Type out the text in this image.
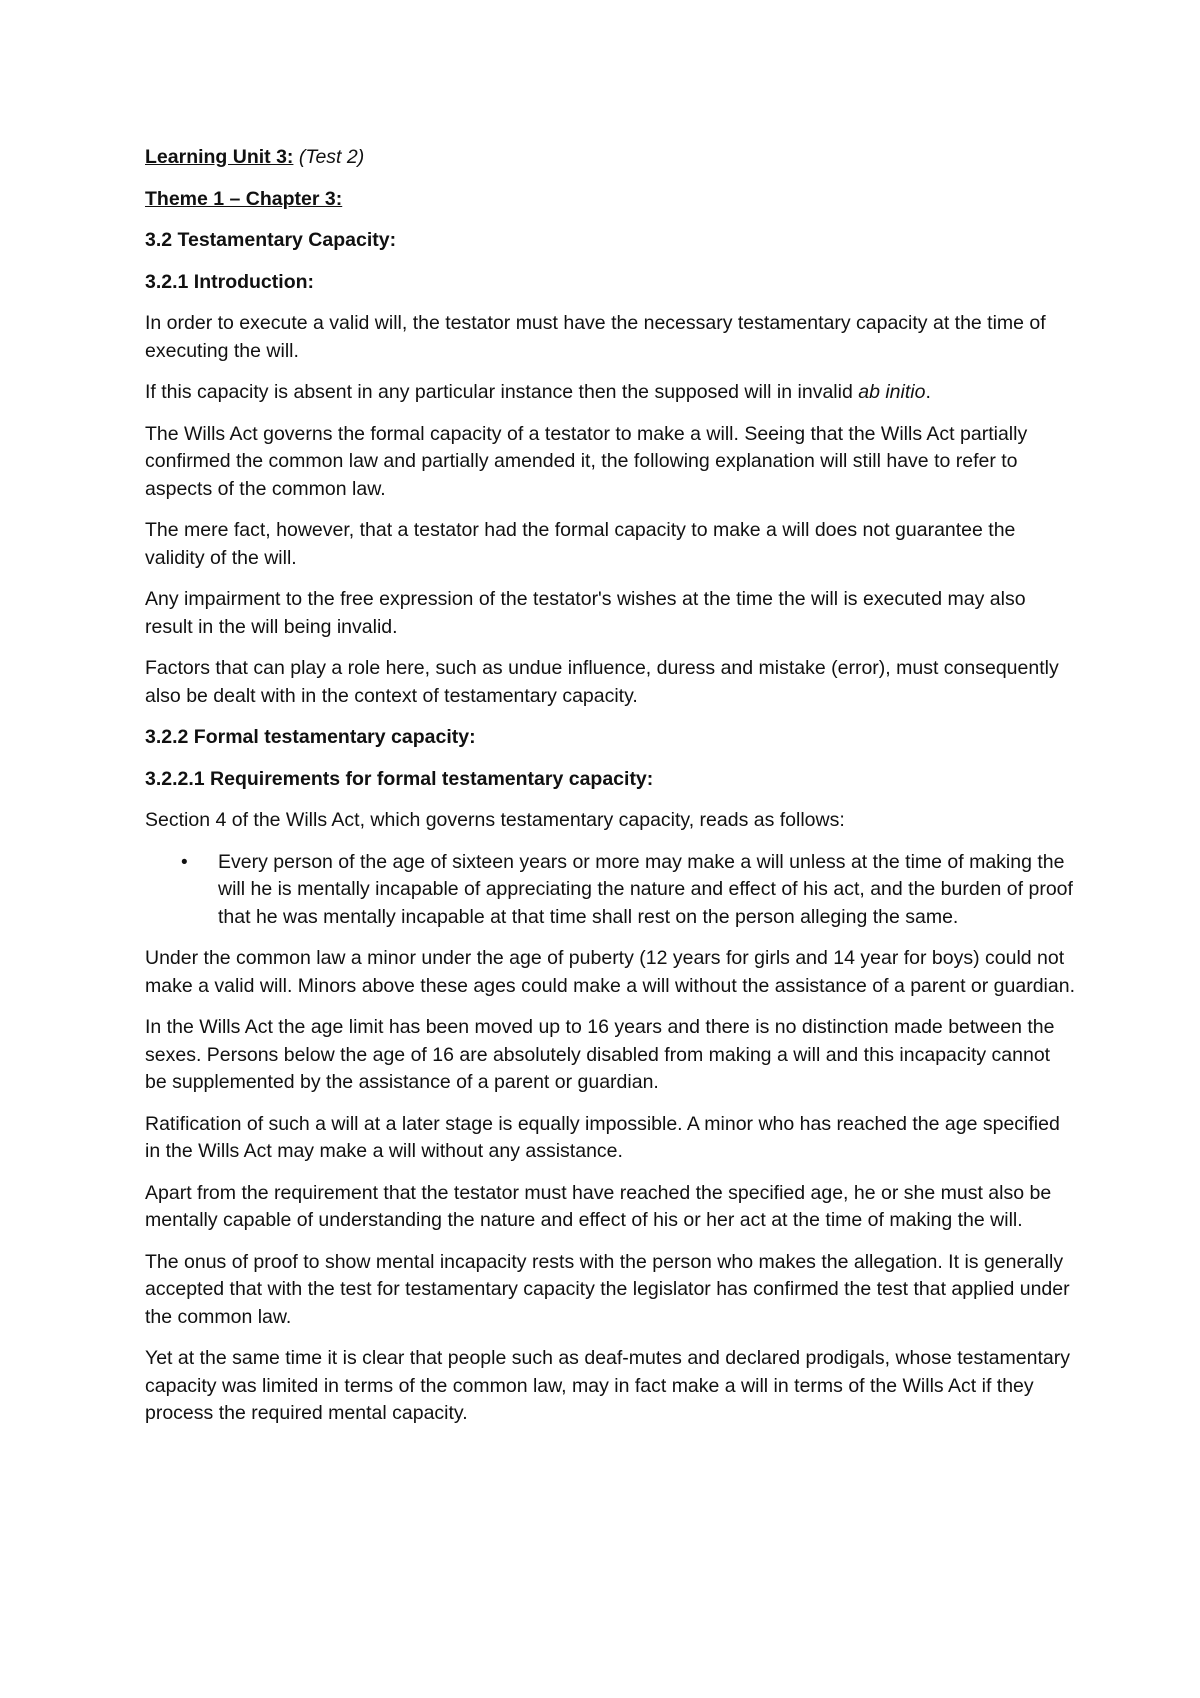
Learning Unit 3: (Test 2)

Theme 1 – Chapter 3:

3.2 Testamentary Capacity:

3.2.1 Introduction:

In order to execute a valid will, the testator must have the necessary testamentary capacity at the time of executing the will.

If this capacity is absent in any particular instance then the supposed will in invalid ab initio.

The Wills Act governs the formal capacity of a testator to make a will. Seeing that the Wills Act partially confirmed the common law and partially amended it, the following explanation will still have to refer to aspects of the common law.

The mere fact, however, that a testator had the formal capacity to make a will does not guarantee the validity of the will.

Any impairment to the free expression of the testator's wishes at the time the will is executed may also result in the will being invalid.

Factors that can play a role here, such as undue influence, duress and mistake (error), must consequently also be dealt with in the context of testamentary capacity.

3.2.2 Formal testamentary capacity:

3.2.2.1 Requirements for formal testamentary capacity:

Section 4 of the Wills Act, which governs testamentary capacity, reads as follows:

• Every person of the age of sixteen years or more may make a will unless at the time of making the will he is mentally incapable of appreciating the nature and effect of his act, and the burden of proof that he was mentally incapable at that time shall rest on the person alleging the same.

Under the common law a minor under the age of puberty (12 years for girls and 14 year for boys) could not make a valid will. Minors above these ages could make a will without the assistance of a parent or guardian.

In the Wills Act the age limit has been moved up to 16 years and there is no distinction made between the sexes. Persons below the age of 16 are absolutely disabled from making a will and this incapacity cannot be supplemented by the assistance of a parent or guardian.

Ratification of such a will at a later stage is equally impossible. A minor who has reached the age specified in the Wills Act may make a will without any assistance.

Apart from the requirement that the testator must have reached the specified age, he or she must also be mentally capable of understanding the nature and effect of his or her act at the time of making the will.

The onus of proof to show mental incapacity rests with the person who makes the allegation. It is generally accepted that with the test for testamentary capacity the legislator has confirmed the test that applied under the common law.

Yet at the same time it is clear that people such as deaf-mutes and declared prodigals, whose testamentary capacity was limited in terms of the common law, may in fact make a will in terms of the Wills Act if they process the required mental capacity.
